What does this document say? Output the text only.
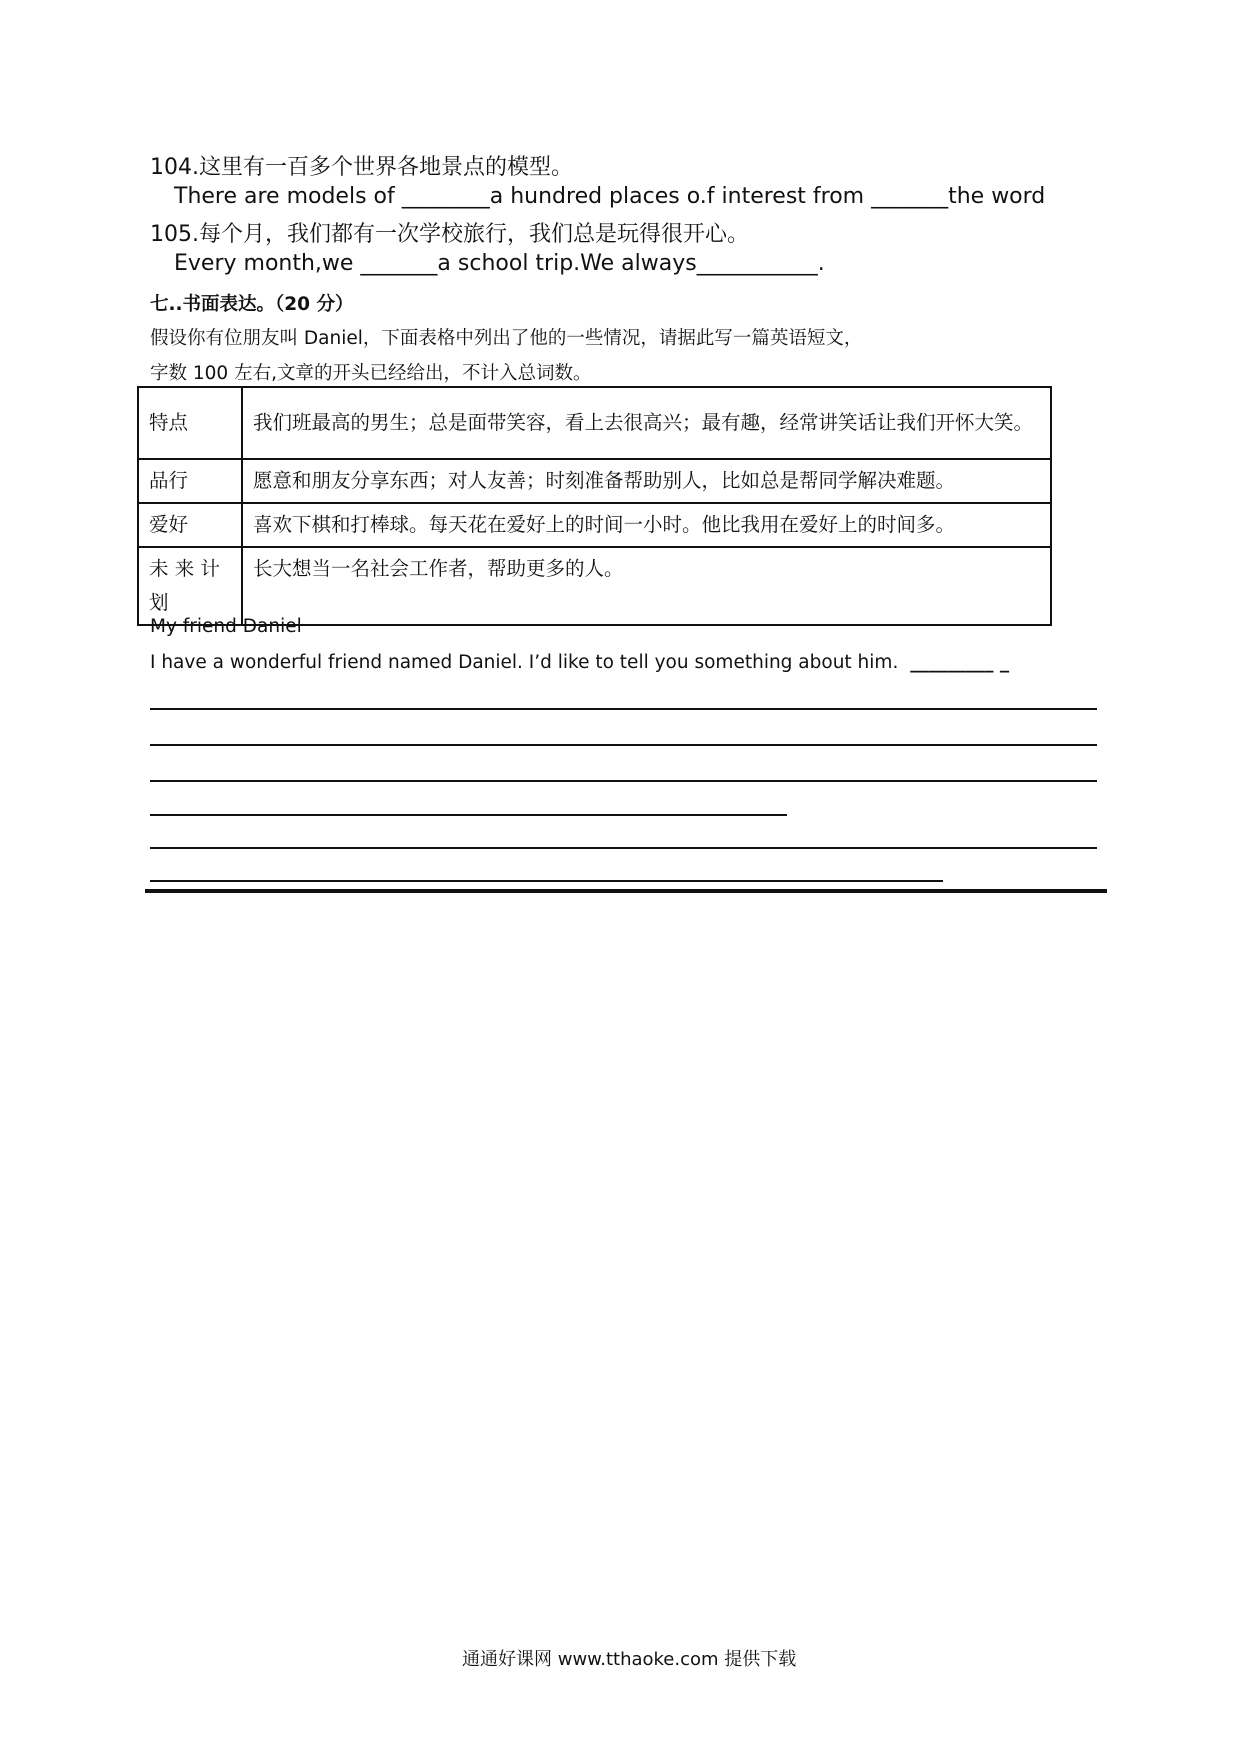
104.这里有一百多个世界各地景点的模型。
There are models of ________a hundred places o.f interest from _______the word
105.每个月，我们都有一次学校旅行，我们总是玩得很开心。
Every month,we _______a school trip.We always___________.
七..书面表达。（20 分）
假设你有位朋友叫 Daniel，下面表格中列出了他的一些情况，请据此写一篇英语短文，
字数 100 左右,文章的开头已经给出，不计入总词数。
特点	我们班最高的男生；总是面带笑容，看上去很高兴；最有趣，经常讲笑话让我们开怀大笑。
品行	愿意和朋友分享东西；对人友善；时刻准备帮助别人，比如总是帮同学解决难题。
爱好	喜欢下棋和打棒球。每天花在爱好上的时间一小时。他比我用在爱好上的时间多。
未 来 计 划	长大想当一名社会工作者，帮助更多的人。
My friend Daniel
I have a wonderful friend named Daniel. I’d like to tell you something about him. _________ _
通通好课网 www.tthaoke.com 提供下载
